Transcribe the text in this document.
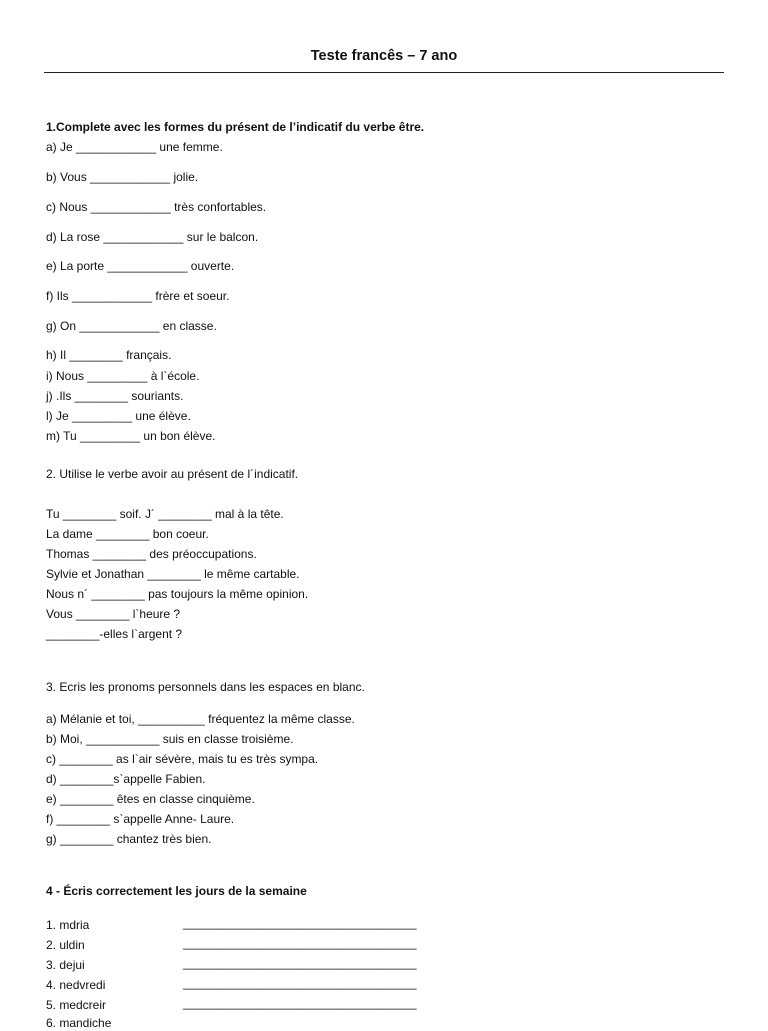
Teste francês – 7 ano
1.Complete avec les formes du présent de l’indicatif du verbe être.
a) Je ____________ une femme.
b) Vous ____________ jolie.
c) Nous ____________ très confortables.
d) La rose ____________ sur le balcon.
e) La porte ____________ ouverte.
f) Ils ____________ frère et soeur.
g) On ____________ en classe.
h) Il ________ français.
i) Nous _________ à l`école.
j) .Ils ________ souriants.
l) Je _________ une élève.
m) Tu _________ un bon élève.
2. Utilise le verbe avoir au présent de l´indicatif.
Tu ________ soif. J´ ________ mal à la tête.
La dame ________ bon coeur.
Thomas ________ des préoccupations.
Sylvie et Jonathan ________ le même cartable.
Nous n´ ________ pas toujours la même opinion.
Vous ________ l`heure ?
________-elles l`argent ?
3. Ecris les pronoms personnels dans les espaces en blanc.
a) Mélanie et toi, __________ fréquentez la même classe.
b) Moi, ___________ suis en classe troisième.
c) ________ as l`air sévère, mais tu es très sympa.
d) ________s`appelle Fabien.
e) ________ êtes en classe cinquième.
f) ________ s`appelle Anne- Laure.
g) ________ chantez très bien.
4 - Écris correctement les jours de la semaine
1. mdria	___________________________________
2. uldin	___________________________________
3. dejui	___________________________________
4. nedvredi	___________________________________
5. medcreir	___________________________________
6. mandiche
